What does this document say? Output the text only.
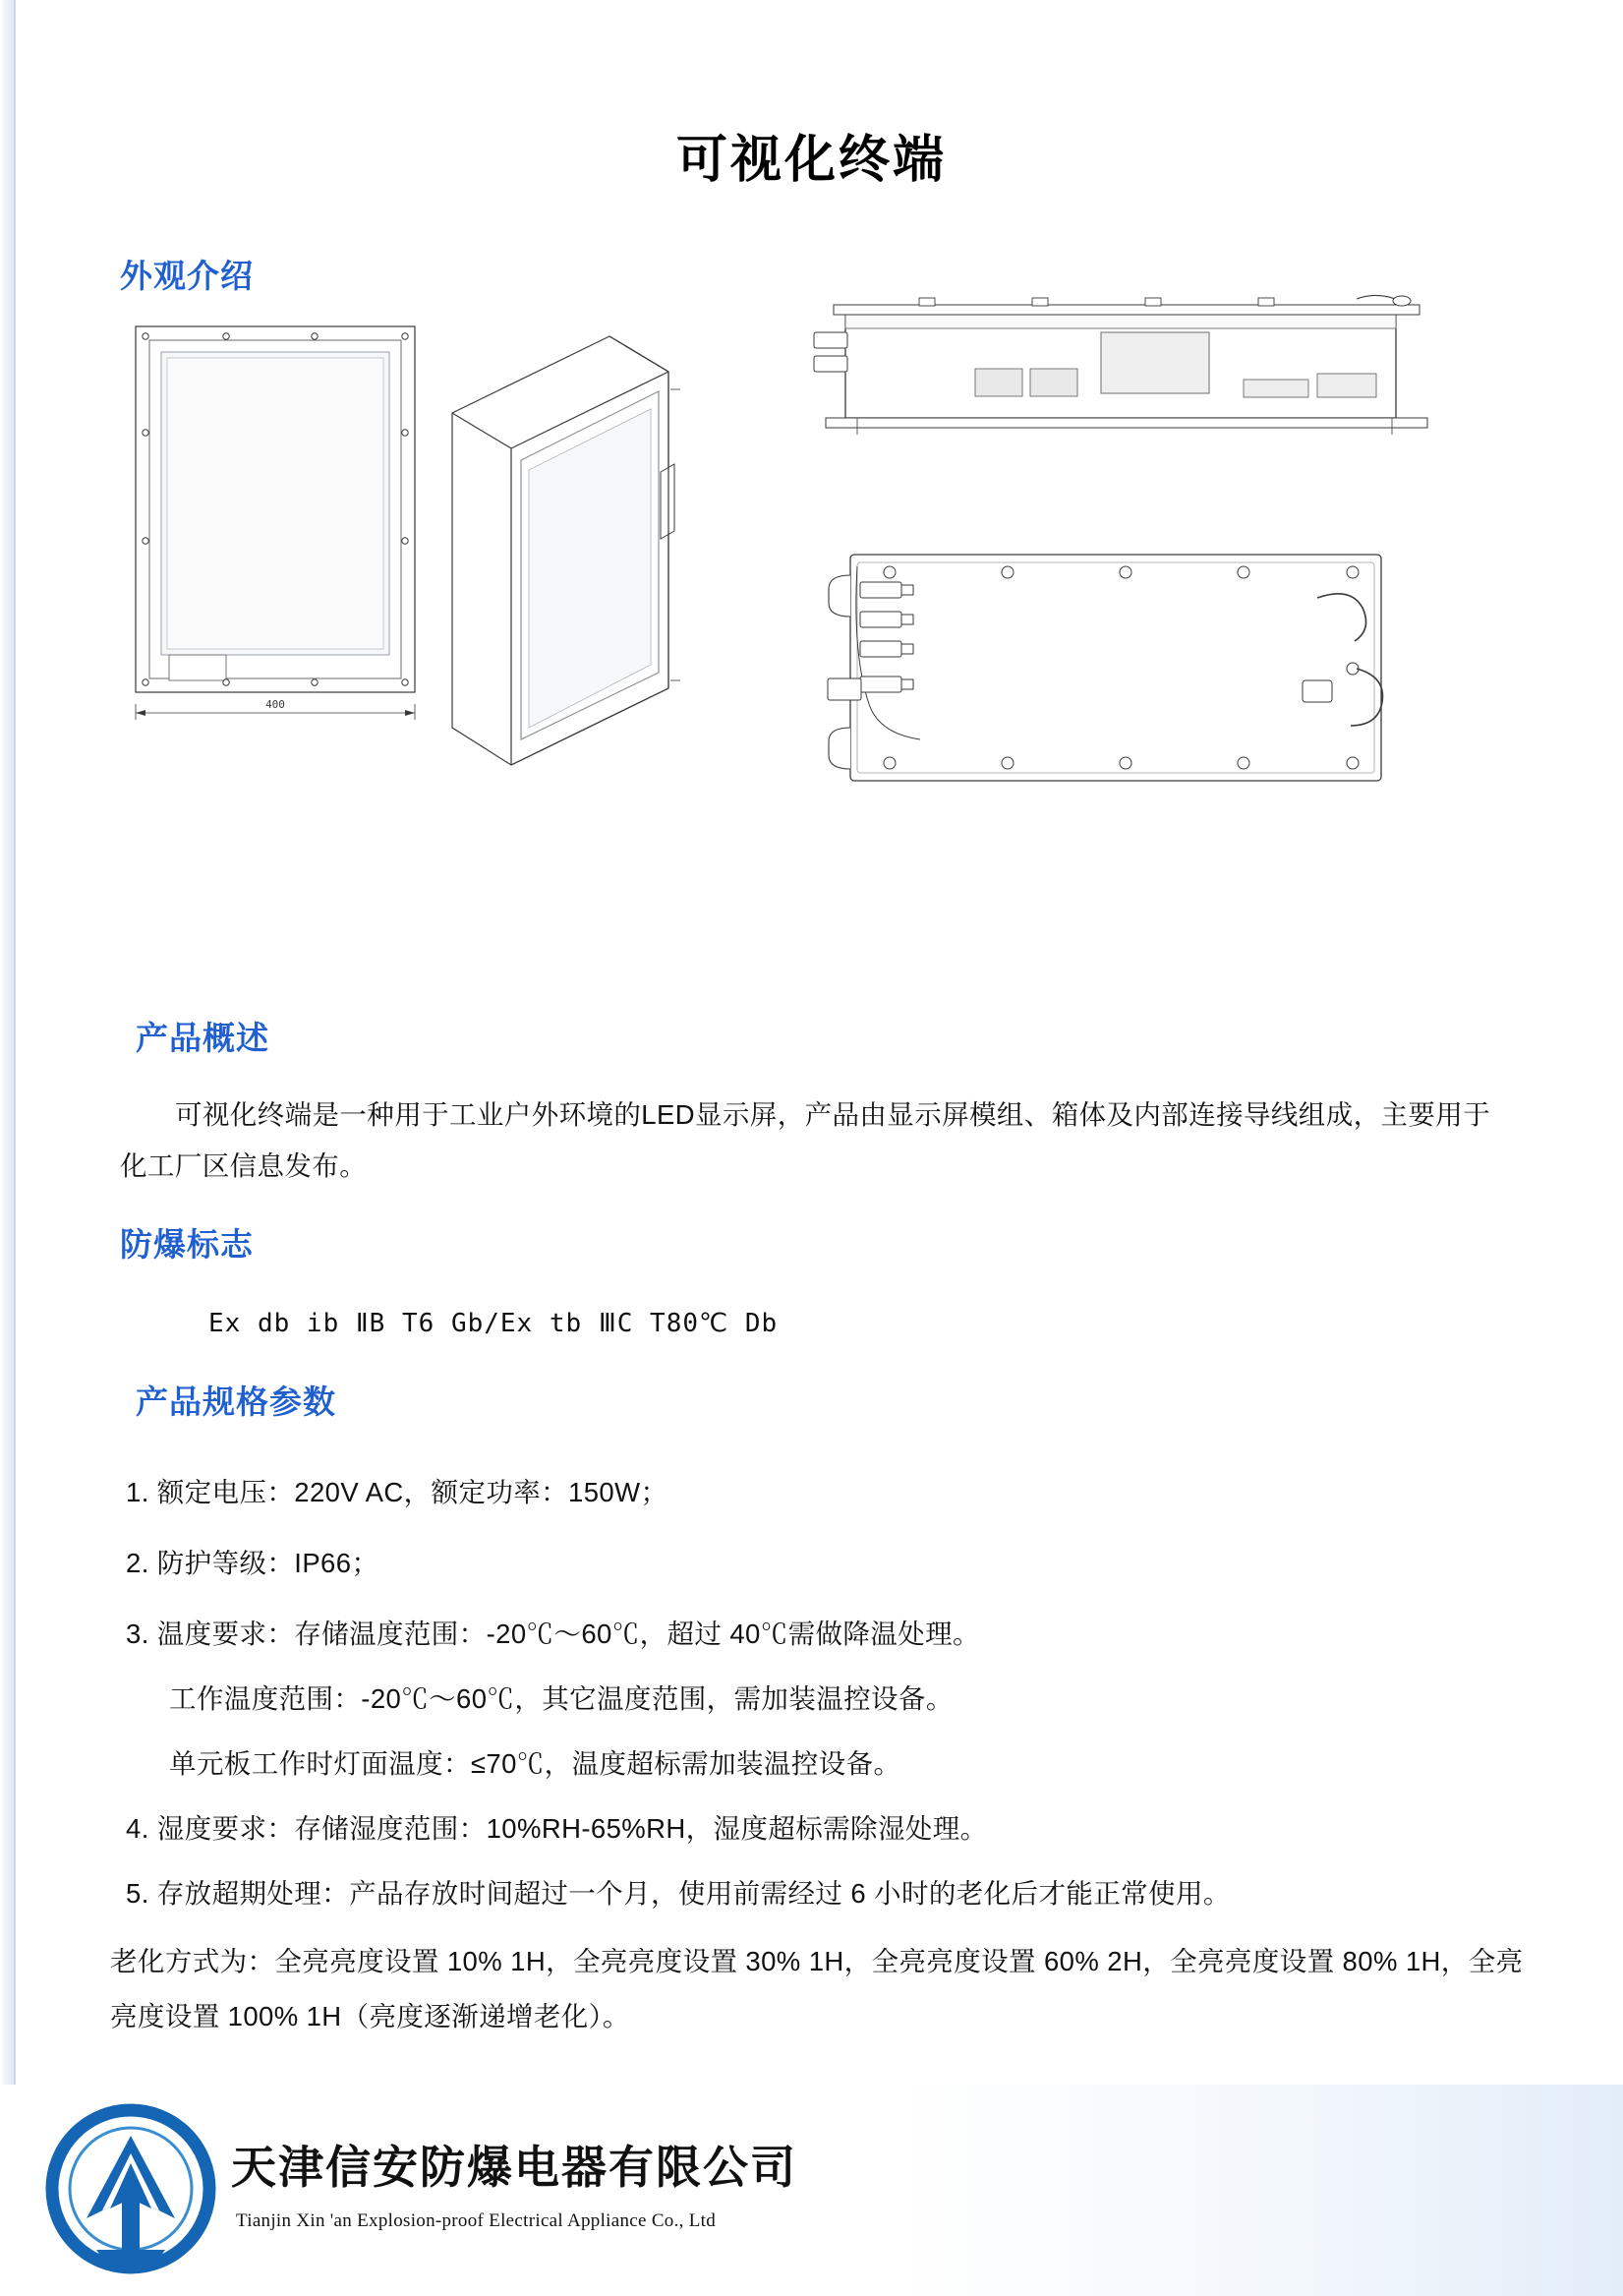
可视化终端
外观介绍
400
产品概述
可视化终端是一种用于工业户外环境的LED显示屏，产品由显示屏模组、箱体及内部连接导线组成，主要用于化工厂区信息发布。
防爆标志
Ex db ib ⅡB T6 Gb/Ex tb ⅢC T80℃ Db
产品规格参数
1. 额定电压：220V AC，额定功率：150W；
2. 防护等级：IP66；
3. 温度要求：存储温度范围：-20℃～60℃，超过 40℃需做降温处理。
工作温度范围：-20℃～60℃，其它温度范围，需加装温控设备。
单元板工作时灯面温度：≤70℃，温度超标需加装温控设备。
4. 湿度要求：存储湿度范围：10%RH-65%RH，湿度超标需除湿处理。
5. 存放超期处理：产品存放时间超过一个月，使用前需经过 6 小时的老化后才能正常使用。
老化方式为：全亮亮度设置 10% 1H，全亮亮度设置 30% 1H，全亮亮度设置 60% 2H，全亮亮度设置 80% 1H，全亮亮度设置 100% 1H（亮度逐渐递增老化）。
天津信安防爆电器有限公司
Tianjin Xin 'an Explosion-proof Electrical Appliance Co., Ltd
